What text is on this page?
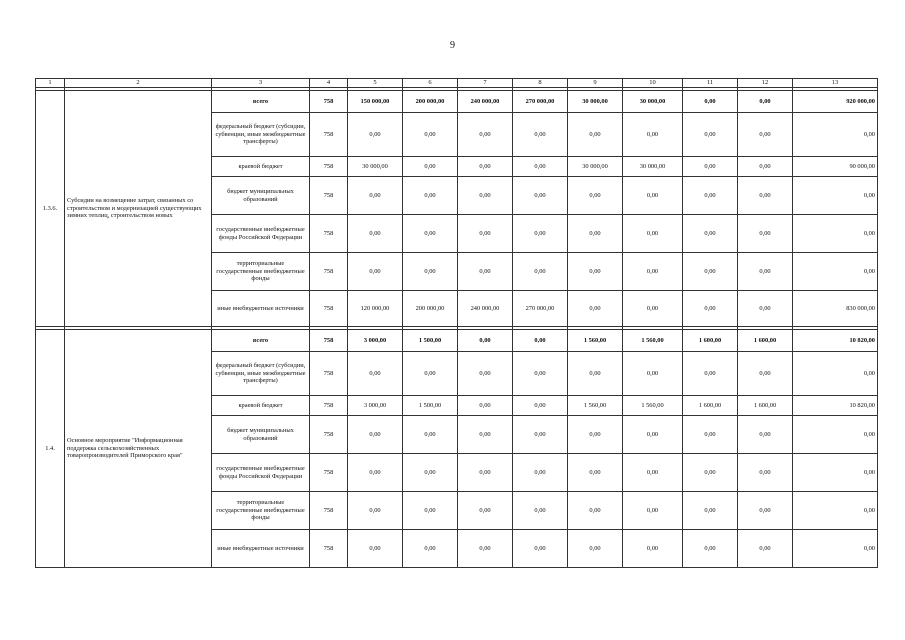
9
1	2	3	4	5	6	7	8	9	10	11	12	13

1.3.6.	Субсидии на возмещение затрат, связанных со строительством и модернизацией существующих зимних теплиц, строительством новых	всего	758	150 000,00	200 000,00	240 000,00	270 000,00	30 000,00	30 000,00	0,00	0,00	920 000,00
		федеральный бюджет (субсидии, субвенции, иные межбюджетные трансферты)	758	0,00	0,00	0,00	0,00	0,00	0,00	0,00	0,00	0,00
		краевой бюджет	758	30 000,00	0,00	0,00	0,00	30 000,00	30 000,00	0,00	0,00	90 000,00
		бюджет муниципальных образований	758	0,00	0,00	0,00	0,00	0,00	0,00	0,00	0,00	0,00
		государственные внебюджетные фонды Российской Федерации	758	0,00	0,00	0,00	0,00	0,00	0,00	0,00	0,00	0,00
		территориальные государственные внебюджетные фонды	758	0,00	0,00	0,00	0,00	0,00	0,00	0,00	0,00	0,00
		иные внебюджетные источники	758	120 000,00	200 000,00	240 000,00	270 000,00	0,00	0,00	0,00	0,00	830 000,00

1.4.	Основное мероприятие "Информационная поддержка сельскохозяйственных товаропроизводителей Приморского края"	всего	758	3 000,00	1 500,00	0,00	0,00	1 560,00	1 560,00	1 600,00	1 600,00	10 820,00
		федеральный бюджет (субсидии, субвенции, иные межбюджетные трансферты)	758	0,00	0,00	0,00	0,00	0,00	0,00	0,00	0,00	0,00
		краевой бюджет	758	3 000,00	1 500,00	0,00	0,00	1 560,00	1 560,00	1 600,00	1 600,00	10 820,00
		бюджет муниципальных образований	758	0,00	0,00	0,00	0,00	0,00	0,00	0,00	0,00	0,00
		государственные внебюджетные фонды Российской Федерации	758	0,00	0,00	0,00	0,00	0,00	0,00	0,00	0,00	0,00
		территориальные государственные внебюджетные фонды	758	0,00	0,00	0,00	0,00	0,00	0,00	0,00	0,00	0,00
		иные внебюджетные источники	758	0,00	0,00	0,00	0,00	0,00	0,00	0,00	0,00	0,00
